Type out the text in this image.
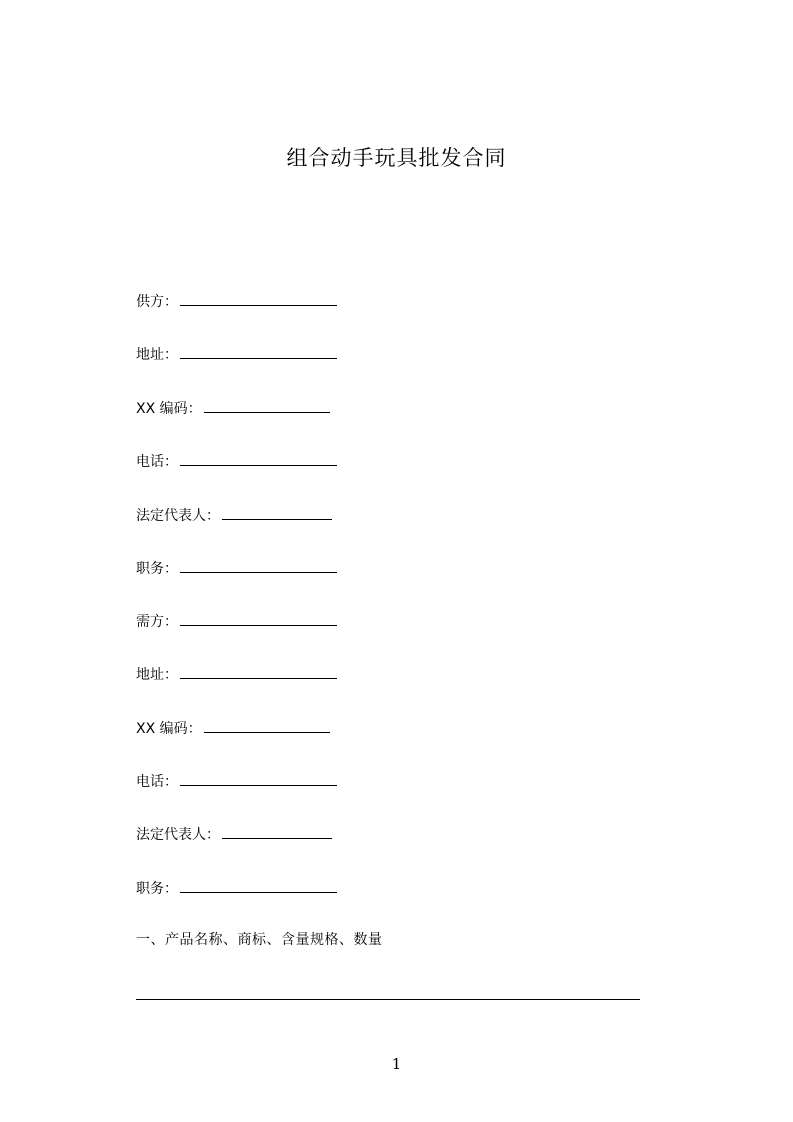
组合动手玩具批发合同
供方：
地址：
XX 编码：
电话：
法定代表人：
职务：
需方：
地址：
XX 编码：
电话：
法定代表人：
职务：
一、产品名称、商标、含量规格、数量
1
